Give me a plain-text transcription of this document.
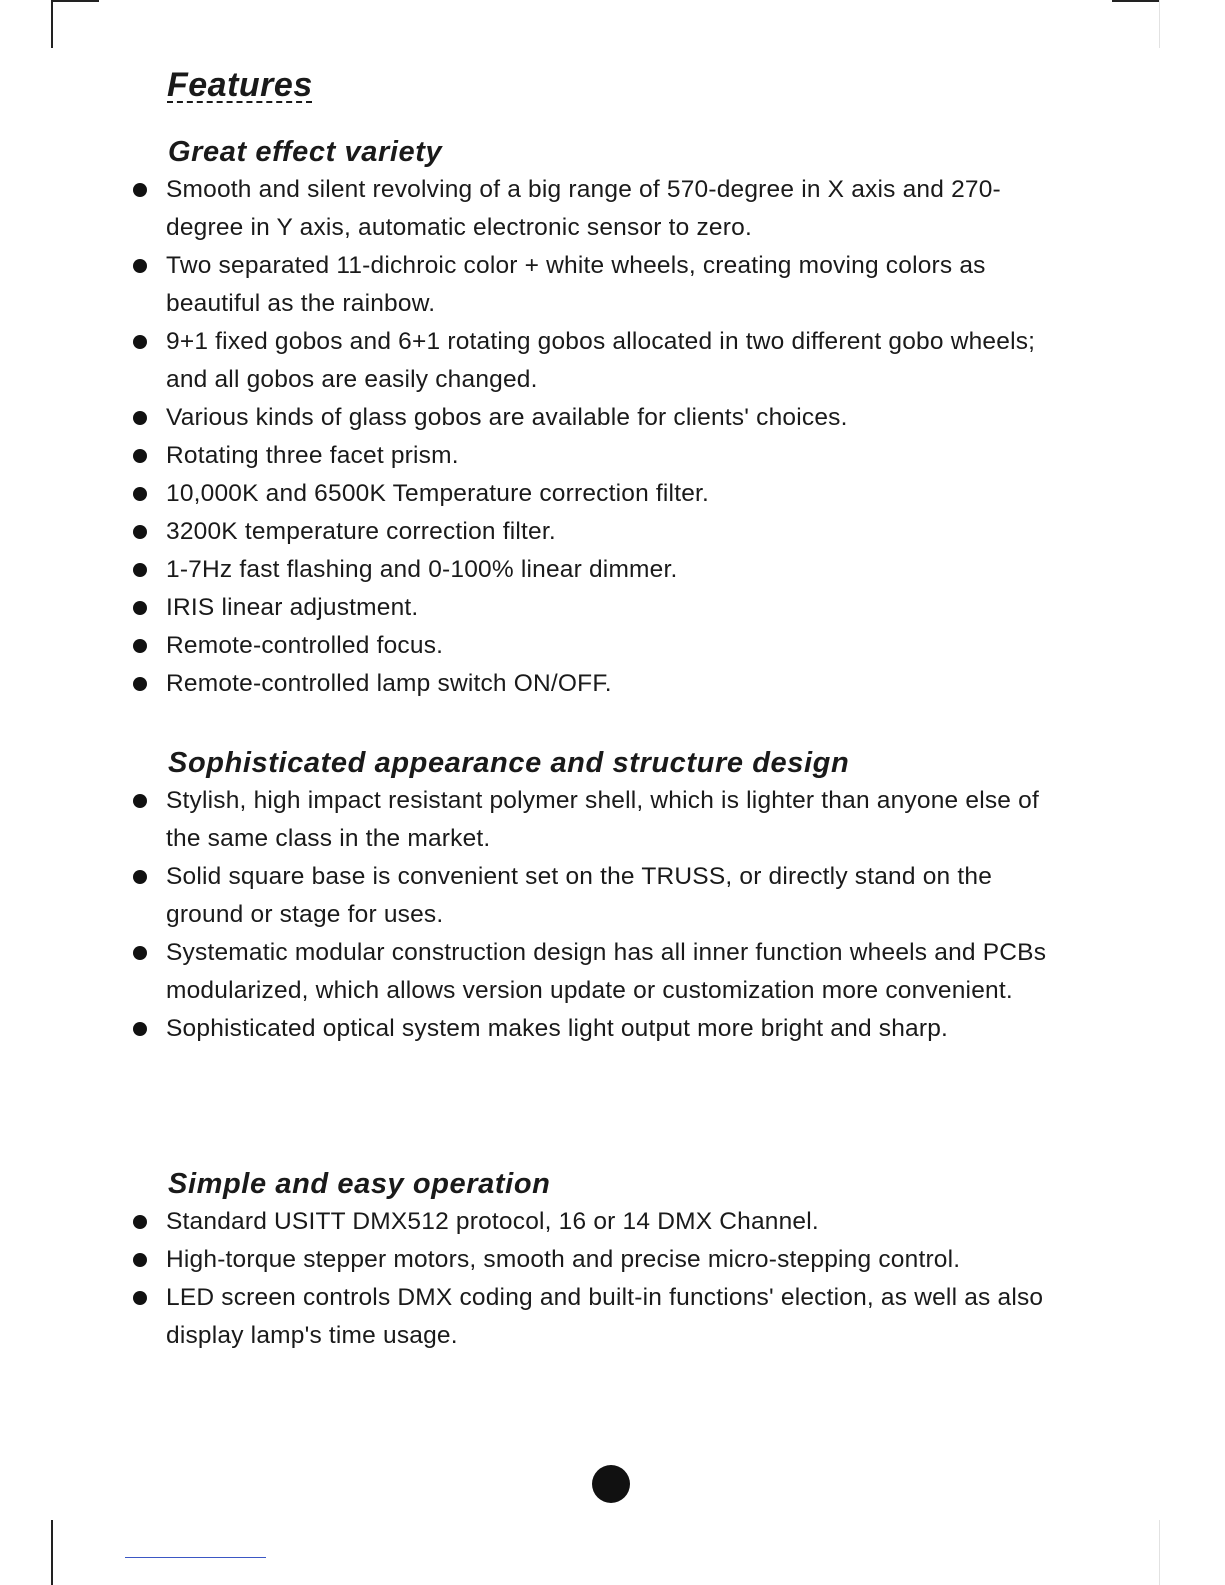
Features
Great effect variety
Smooth and silent revolving of a big range of 570-degree in X axis and 270-degree in Y axis, automatic electronic sensor to zero.
Two separated 11-dichroic color + white wheels, creating moving colors as beautiful as the rainbow.
9+1 fixed gobos and 6+1 rotating gobos allocated in two different gobo wheels; and all gobos are easily changed.
Various kinds of glass gobos are available for clients' choices.
Rotating three facet prism.
10,000K and 6500K Temperature correction filter.
3200K temperature correction filter.
1-7Hz fast flashing and 0-100% linear dimmer.
IRIS linear adjustment.
Remote-controlled focus.
Remote-controlled lamp switch ON/OFF.
Sophisticated appearance and structure design
Stylish, high impact resistant polymer shell, which is lighter than anyone else of the same class in the market.
Solid square base is convenient set on the TRUSS, or directly stand on the ground or stage for uses.
Systematic modular construction design has all inner function wheels and PCBs modularized, which allows version update or customization more convenient.
Sophisticated optical system makes light output more bright and sharp.
Simple and easy operation
Standard USITT DMX512 protocol, 16 or 14 DMX Channel.
High-torque stepper motors, smooth and precise micro-stepping control.
LED screen controls DMX coding and built-in functions' election, as well as also display lamp's time usage.
